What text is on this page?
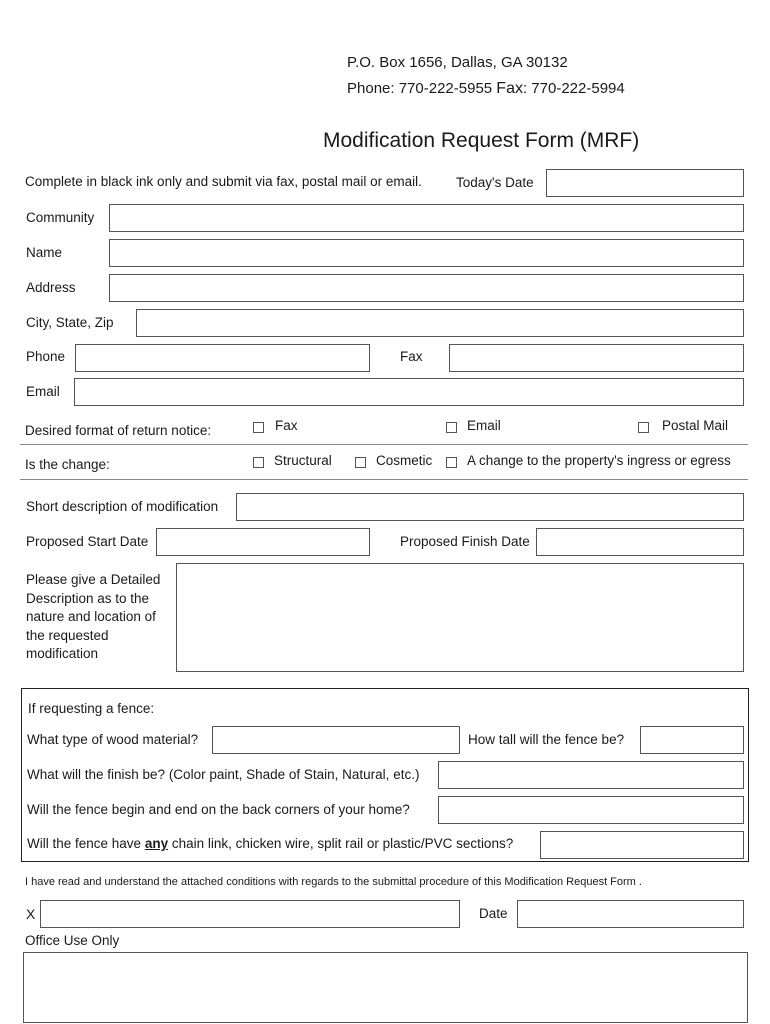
P.O. Box 1656, Dallas, GA 30132
Phone: 770-222-5955 Fax: 770-222-5994
Modification Request Form (MRF)
Complete in black ink only and submit via fax, postal mail or email.	Today's Date
Community
Name
Address
City, State, Zip
Phone	Fax
Email
Desired format of return notice:	Fax	Email	Postal Mail
Is the change:	Structural	Cosmetic	A change to the property's ingress or egress
Short description of modification
Proposed Start Date	Proposed Finish Date
Please give a Detailed
Description as to the
nature and location of
the requested
modification
If requesting a fence:
What type of wood material?	How tall will the fence be?
What will the finish be? (Color paint, Shade of Stain, Natural, etc.)
Will the fence begin and end on the back corners of your home?
Will the fence have any chain link, chicken wire, split rail or plastic/PVC sections?
I have read and understand the attached conditions with regards to the submittal procedure of this Modification Request Form .
X	Date
Office Use Only
